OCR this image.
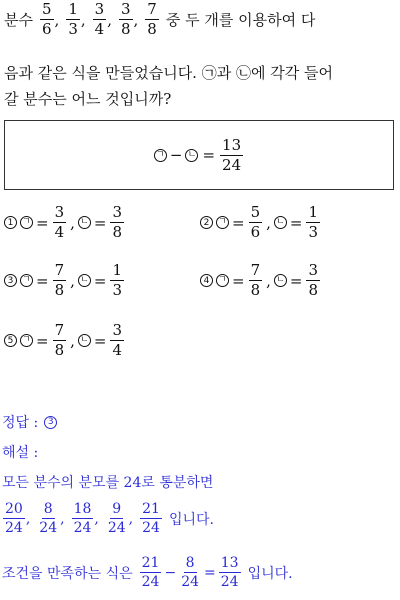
분수 $\frac{5}{6}$ , $\frac{1}{3}$ , $\frac{3}{4}$ , $\frac{3}{8}$ , $\frac{7}{8}$ 중 두 개를 이용하여 다
음과 같은 식을 만들었습니다. ㉠과 ㉡에 각각 들어
갈 분수는 어느 것입니까?
ㄱ − ㄴ = $\frac{13}{24}$
1 ㄱ = $\frac{3}{4}$ , ㄴ = $\frac{3}{8}$	2 ㄱ = $\frac{5}{6}$ , ㄴ = $\frac{1}{3}$
3 ㄱ = $\frac{7}{8}$ , ㄴ = $\frac{1}{3}$	4 ㄱ = $\frac{7}{8}$ , ㄴ = $\frac{3}{8}$
5 ㄱ = $\frac{7}{8}$ , ㄴ = $\frac{3}{4}$
정답 :	3
해설 :
모든 분수의 분모를 24로 통분하면
$\frac{20}{24}$ , $\frac{8}{24}$ , $\frac{18}{24}$ , $\frac{9}{24}$ , $\frac{21}{24}$ 입니다.
조건을 만족하는 식은 $\frac{21}{24} - \frac{8}{24} = \frac{13}{24}$ 입니다.
